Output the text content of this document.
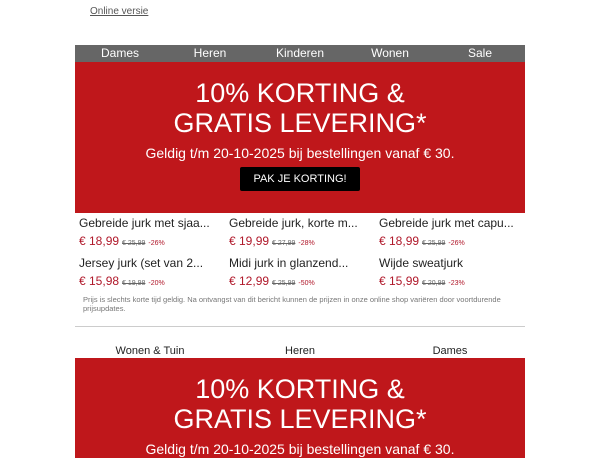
Online versie
Dames	Heren	Kinderen	Wonen	Sale
10% KORTING &
GRATIS LEVERING*
Geldig t/m 20-10-2025 bij bestellingen vanaf € 30.
PAK JE KORTING!
Gebreide jurk met sjaa...
€ 18,99 € 25,99 -26%
Gebreide jurk, korte m...
€ 19,99 € 27,99 -28%
Gebreide jurk met capu...
€ 18,99 € 25,99 -26%
Jersey jurk (set van 2...
€ 15,98 € 19,98 -20%
Midi jurk in glanzend...
€ 12,99 € 25,99 -50%
Wijde sweatjurk
€ 15,99 € 20,99 -23%
Prijs is slechts korte tijd geldig. Na ontvangst van dit bericht kunnen de prijzen in onze online shop variëren door voortdurende prijsupdates.
Wonen & Tuin	Heren	Dames
10% KORTING &
GRATIS LEVERING*
Geldig t/m 20-10-2025 bij bestellingen vanaf € 30.
